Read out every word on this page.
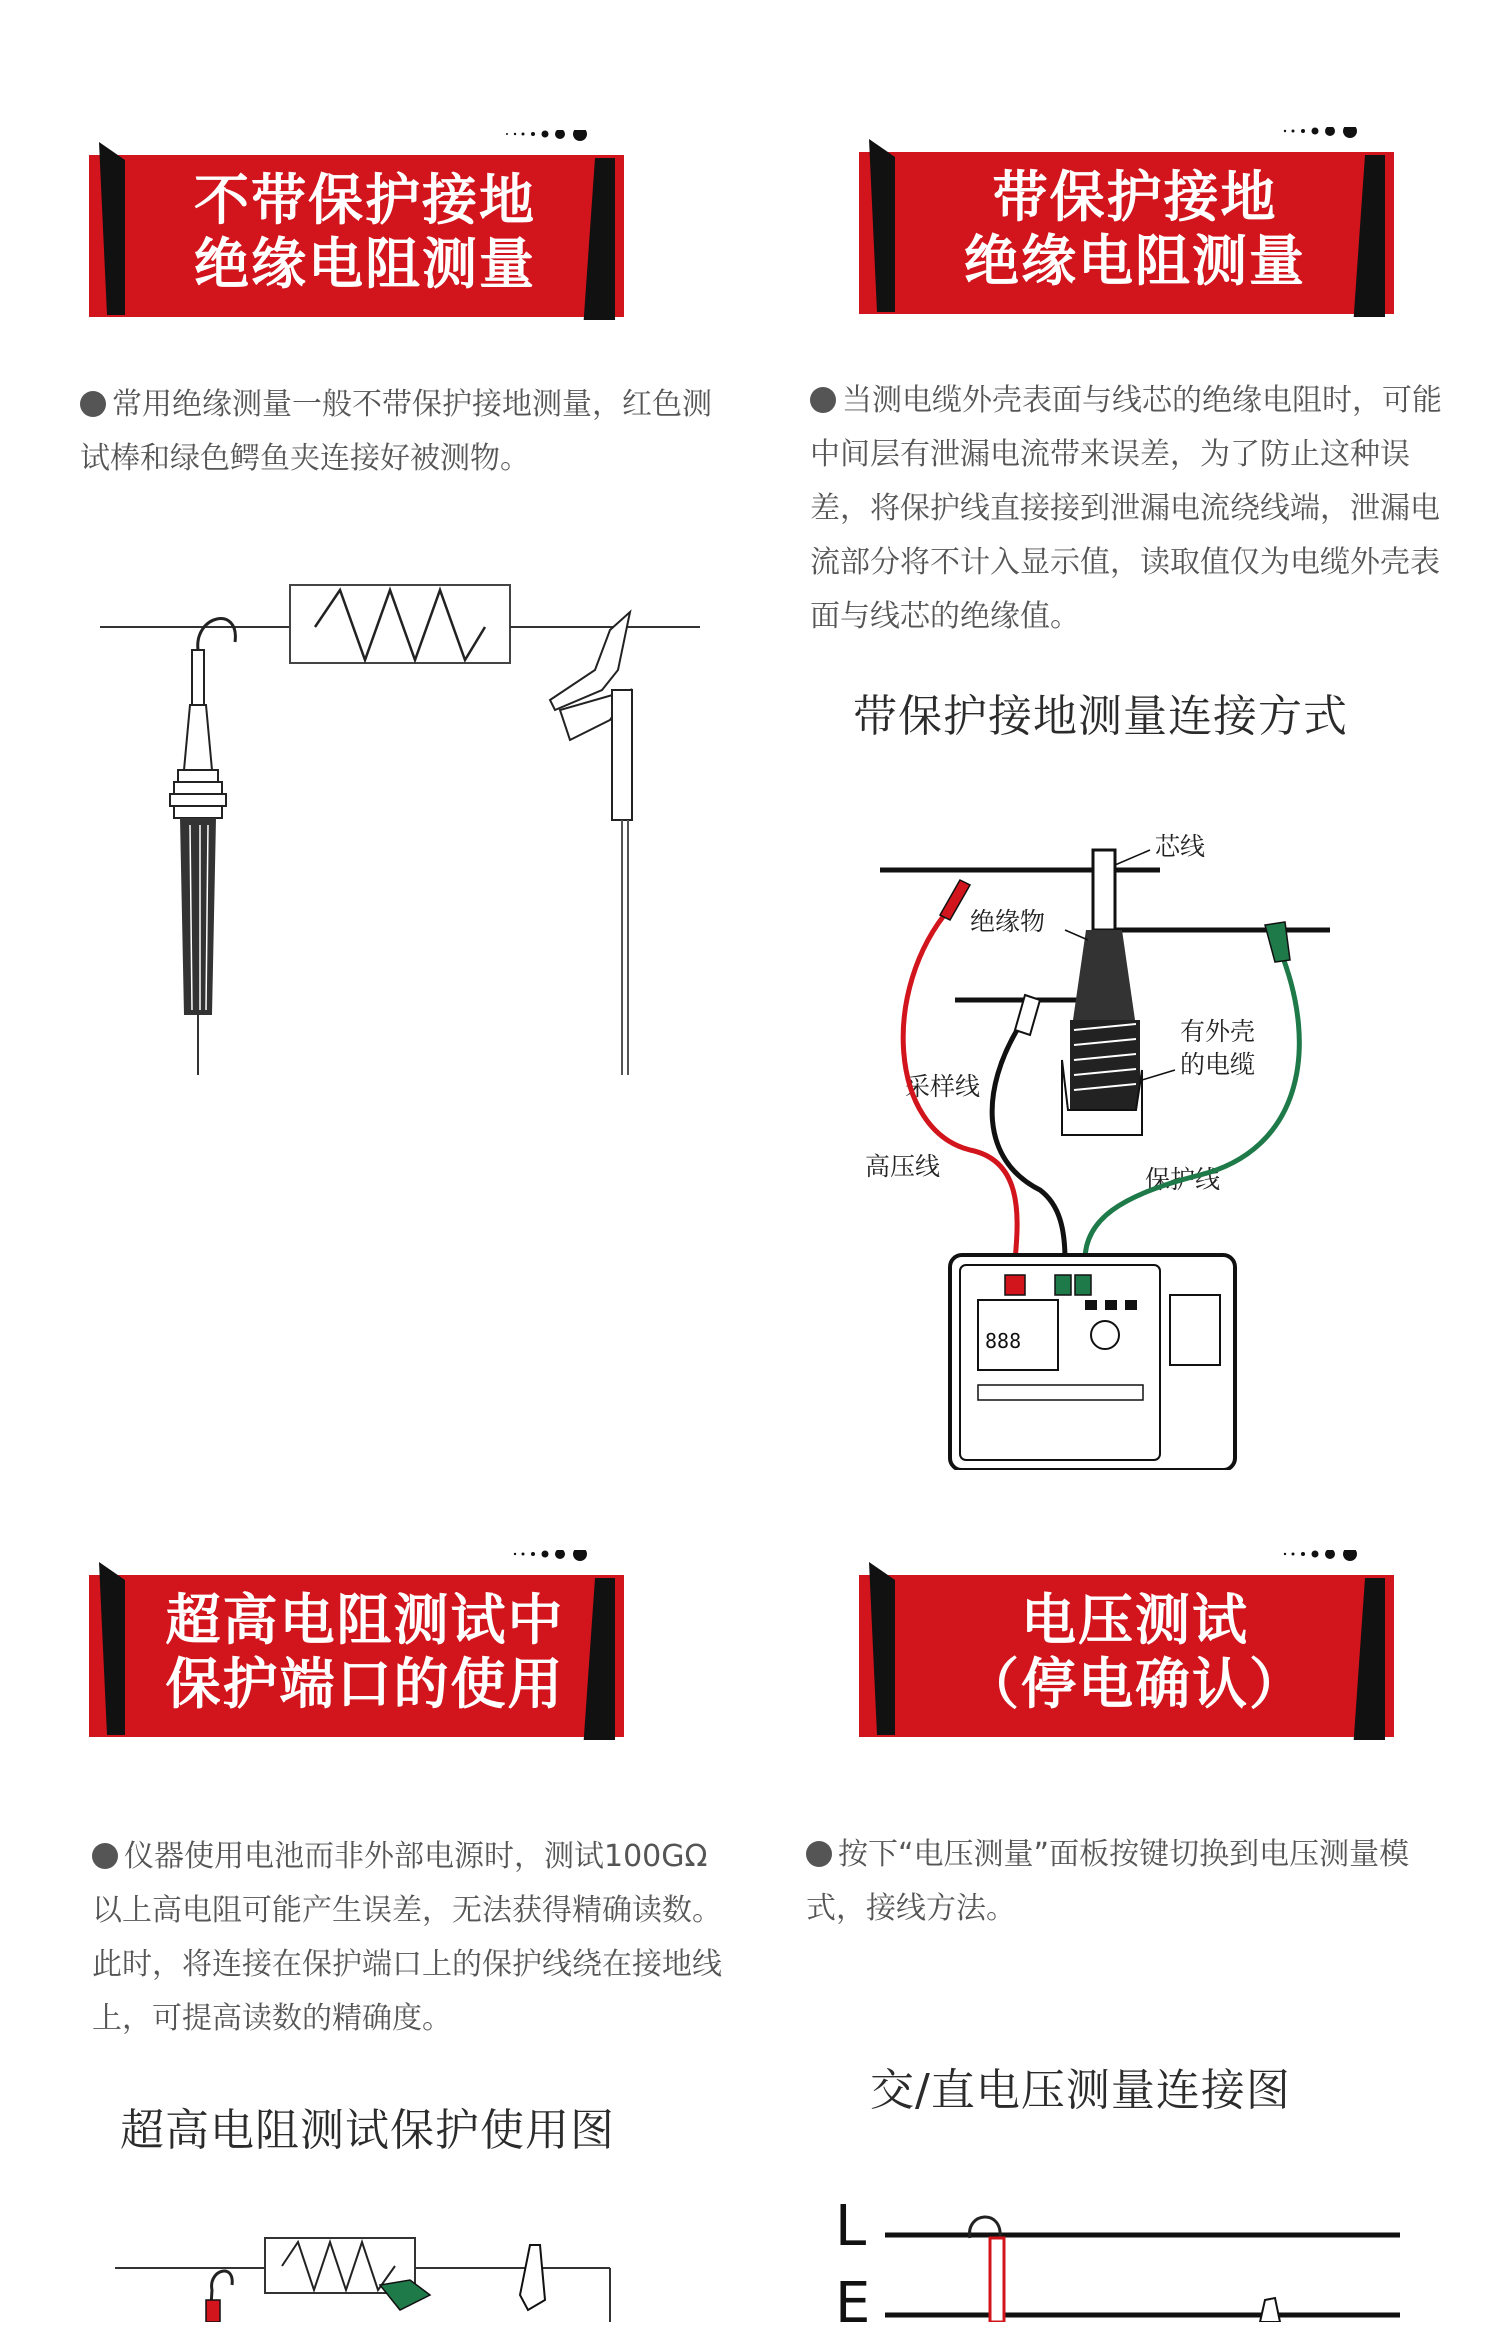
不带保护接地
绝缘电阻测量
带保护接地
绝缘电阻测量
常用绝缘测量一般不带保护接地测量，红色测试棒和绿色鳄鱼夹连接好被测物。
当测电缆外壳表面与线芯的绝缘电阻时，可能中间层有泄漏电流带来误差，为了防止这种误差，将保护线直接接到泄漏电流绕线端，泄漏电流部分将不计入显示值，读取值仅为电缆外壳表面与线芯的绝缘值。
带保护接地测量连接方式
芯线
绝缘物
有外壳
的电缆
采样线
高压线	保护线
888
超高电阻测试中
保护端口的使用
电压测试
（停电确认）
仪器使用电池而非外部电源时，测试100GΩ 以上高电阻可能产生误差，无法获得精确读数。 此时，将连接在保护端口上的保护线绕在接地线上，可提高读数的精确度。
按下“电压测量”面板按键切换到电压测量模式，接线方法。
超高电阻测试保护使用图
交/直电压测量连接图
L
E
